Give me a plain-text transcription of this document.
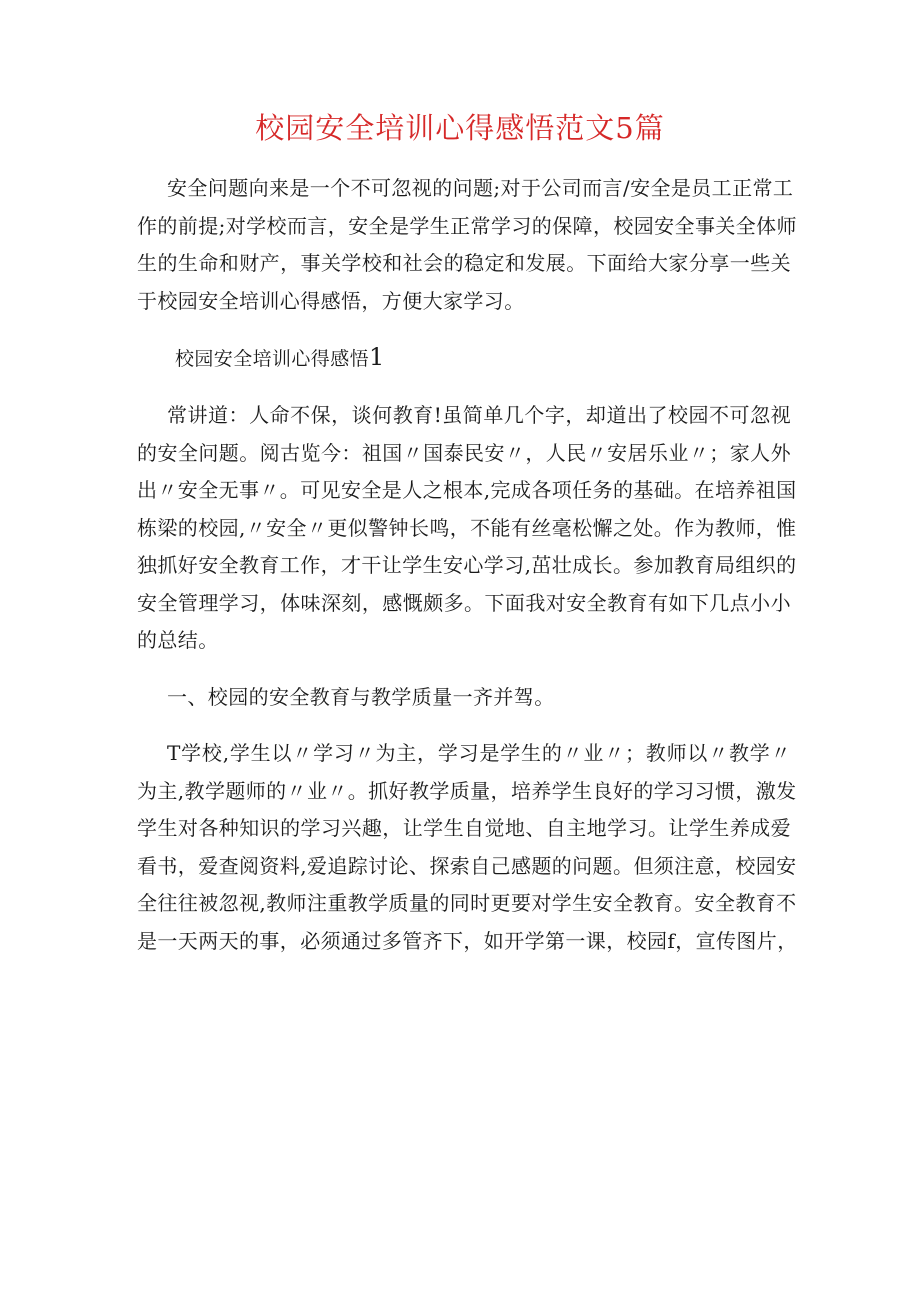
校园安全培训心得感悟范文5篇

安全问题向来是一个不可忽视的问题;对于公司而言/安全是员工正常工
作的前提;对学校而言，安全是学生正常学习的保障，校园安全事关全体师
生的生命和财产，事关学校和社会的稳定和发展。下面给大家分享一些关
于校园安全培训心得感悟，方便大家学习。

校园安全培训心得感悟1

常讲道：人命不保，谈何教育!虽简单几个字，却道出了校园不可忽视
的安全问题。阅古览今：祖国〃国泰民安〃，人民〃安居乐业〃；家人外
出〃安全无事〃。可见安全是人之根本,完成各项任务的基础。在培养祖国
栋梁的校园,〃安全〃更似警钟长鸣，不能有丝毫松懈之处。作为教师，惟
独抓好安全教育工作，才干让学生安心学习,茁壮成长。参加教育局组织的
安全管理学习，体味深刻，感慨颇多。下面我对安全教育有如下几点小小
的总结。

一、校园的安全教育与教学质量一齐并驾。

T学校,学生以〃学习〃为主，学习是学生的〃业〃；教师以〃教学〃
为主,教学题师的〃业〃。抓好教学质量，培养学生良好的学习习惯，激发
学生对各种知识的学习兴趣，让学生自觉地、自主地学习。让学生养成爱
看书，爱查阅资料,爱追踪讨论、探索自己感题的问题。但须注意，校园安
全往往被忽视,教师注重教学质量的同时更要对学生安全教育。安全教育不
是一天两天的事，必须通过多管齐下，如开学第一课，校园f，宣传图片，
